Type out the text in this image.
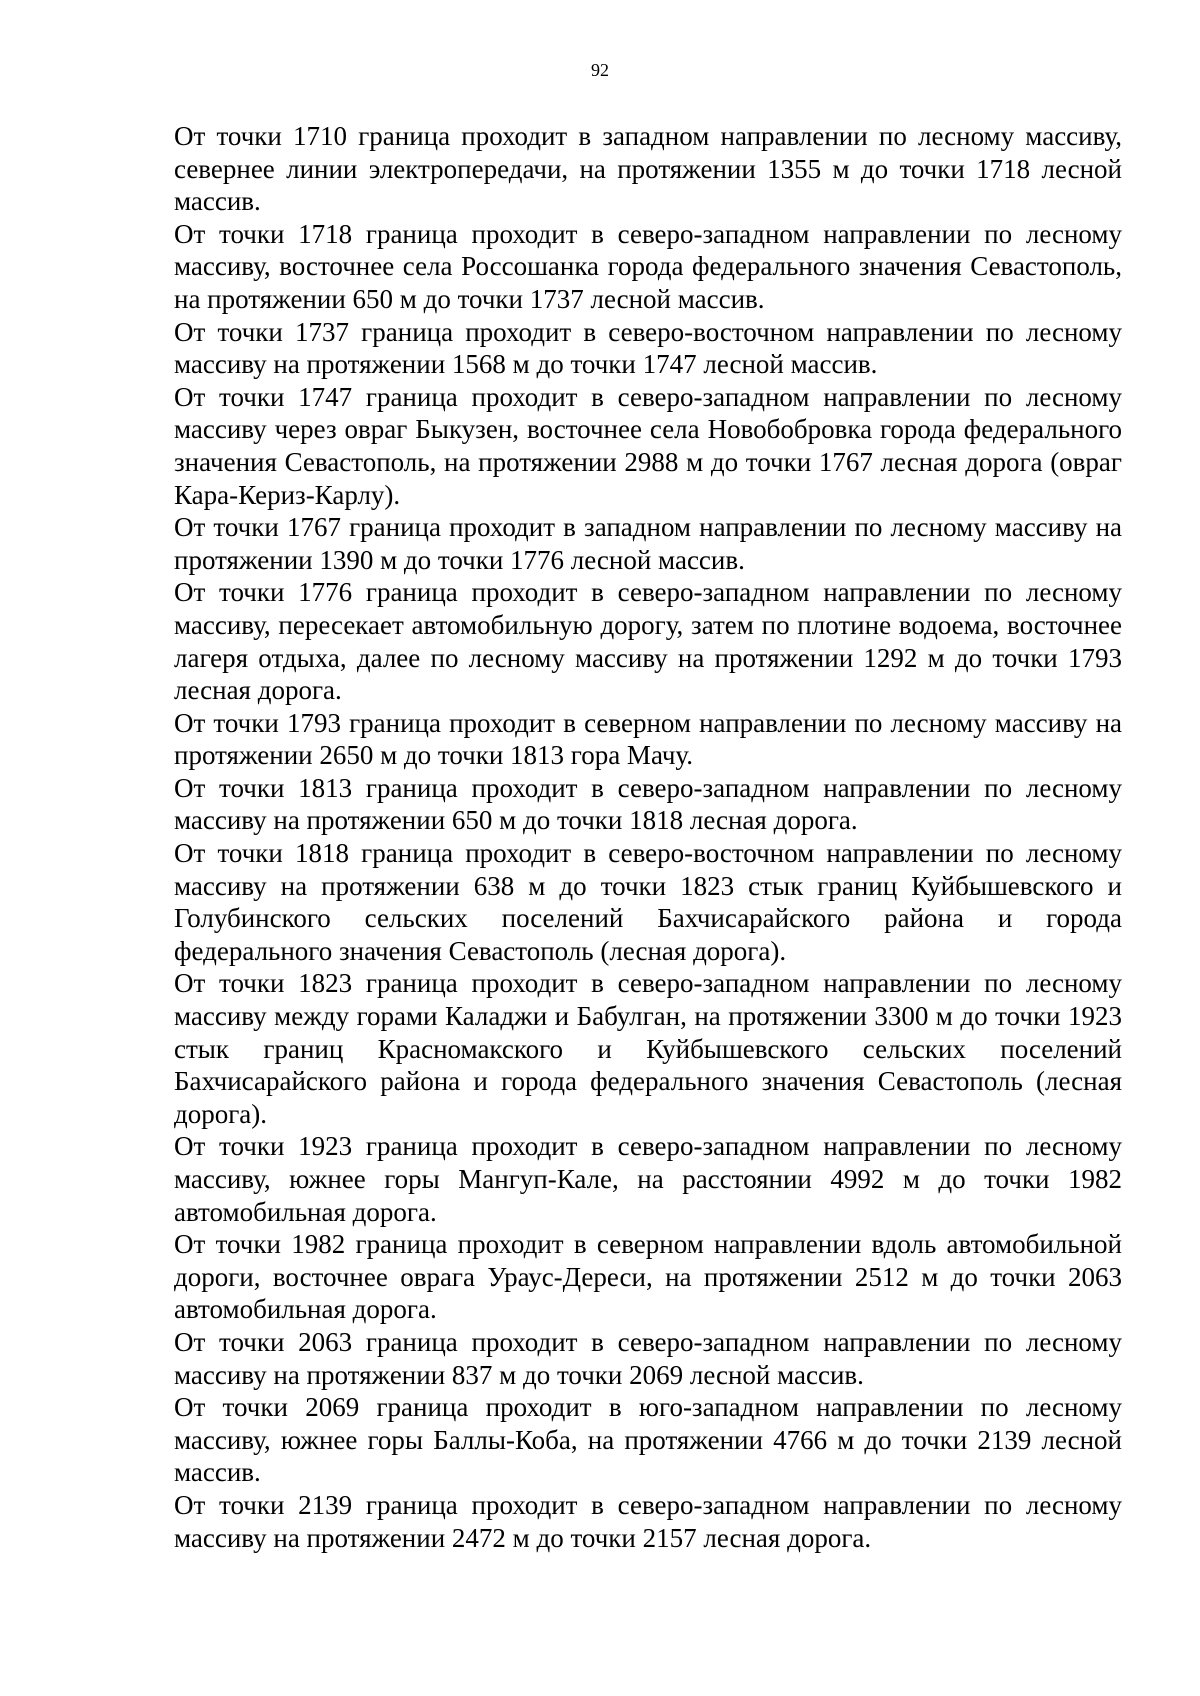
92

От точки 1710 граница проходит в западном направлении по лесному массиву, севернее линии электропередачи, на протяжении 1355 м до точки 1718 лесной массив.

От точки 1718 граница проходит в северо-западном направлении по лесному массиву, восточнее села Россошанка города федерального значения Севастополь, на протяжении 650 м до точки 1737 лесной массив.

От точки 1737 граница проходит в северо-восточном направлении по лесному массиву на протяжении 1568 м до точки 1747 лесной массив.

От точки 1747 граница проходит в северо-западном направлении по лесному массиву через овраг Быкузен, восточнее села Новобобровка города федерального значения Севастополь, на протяжении 2988 м до точки 1767 лесная дорога (овраг Кара-Кериз-Карлу).

От точки 1767 граница проходит в западном направлении по лесному массиву на протяжении 1390 м до точки 1776 лесной массив.

От точки 1776 граница проходит в северо-западном направлении по лесному массиву, пересекает автомобильную дорогу, затем по плотине водоема, восточнее лагеря отдыха, далее по лесному массиву на протяжении 1292 м до точки 1793 лесная дорога.

От точки 1793 граница проходит в северном направлении по лесному массиву на протяжении 2650 м до точки 1813 гора Мачу.

От точки 1813 граница проходит в северо-западном направлении по лесному массиву на протяжении 650 м до точки 1818 лесная дорога.

От точки 1818 граница проходит в северо-восточном направлении по лесному массиву на протяжении 638 м до точки 1823 стык границ Куйбышевского и Голубинского сельских поселений Бахчисарайского района и города федерального значения Севастополь (лесная дорога).

От точки 1823 граница проходит в северо-западном направлении по лесному массиву между горами Каладжи и Бабулган, на протяжении 3300 м до точки 1923 стык границ Красномакского и Куйбышевского сельских поселений Бахчисарайского района и города федерального значения Севастополь (лесная дорога).

От точки 1923 граница проходит в северо-западном направлении по лесному массиву, южнее горы Мангуп-Кале, на расстоянии 4992 м до точки 1982 автомобильная дорога.

От точки 1982 граница проходит в северном направлении вдоль автомобильной дороги, восточнее оврага Ураус-Дереси, на протяжении 2512 м до точки 2063 автомобильная дорога.

От точки 2063 граница проходит в северо-западном направлении по лесному массиву на протяжении 837 м до точки 2069 лесной массив.

От точки 2069 граница проходит в юго-западном направлении по лесному массиву, южнее горы Баллы-Коба, на протяжении 4766 м до точки 2139 лесной массив.

От точки 2139 граница проходит в северо-западном направлении по лесному массиву на протяжении 2472 м до точки 2157 лесная дорога.
